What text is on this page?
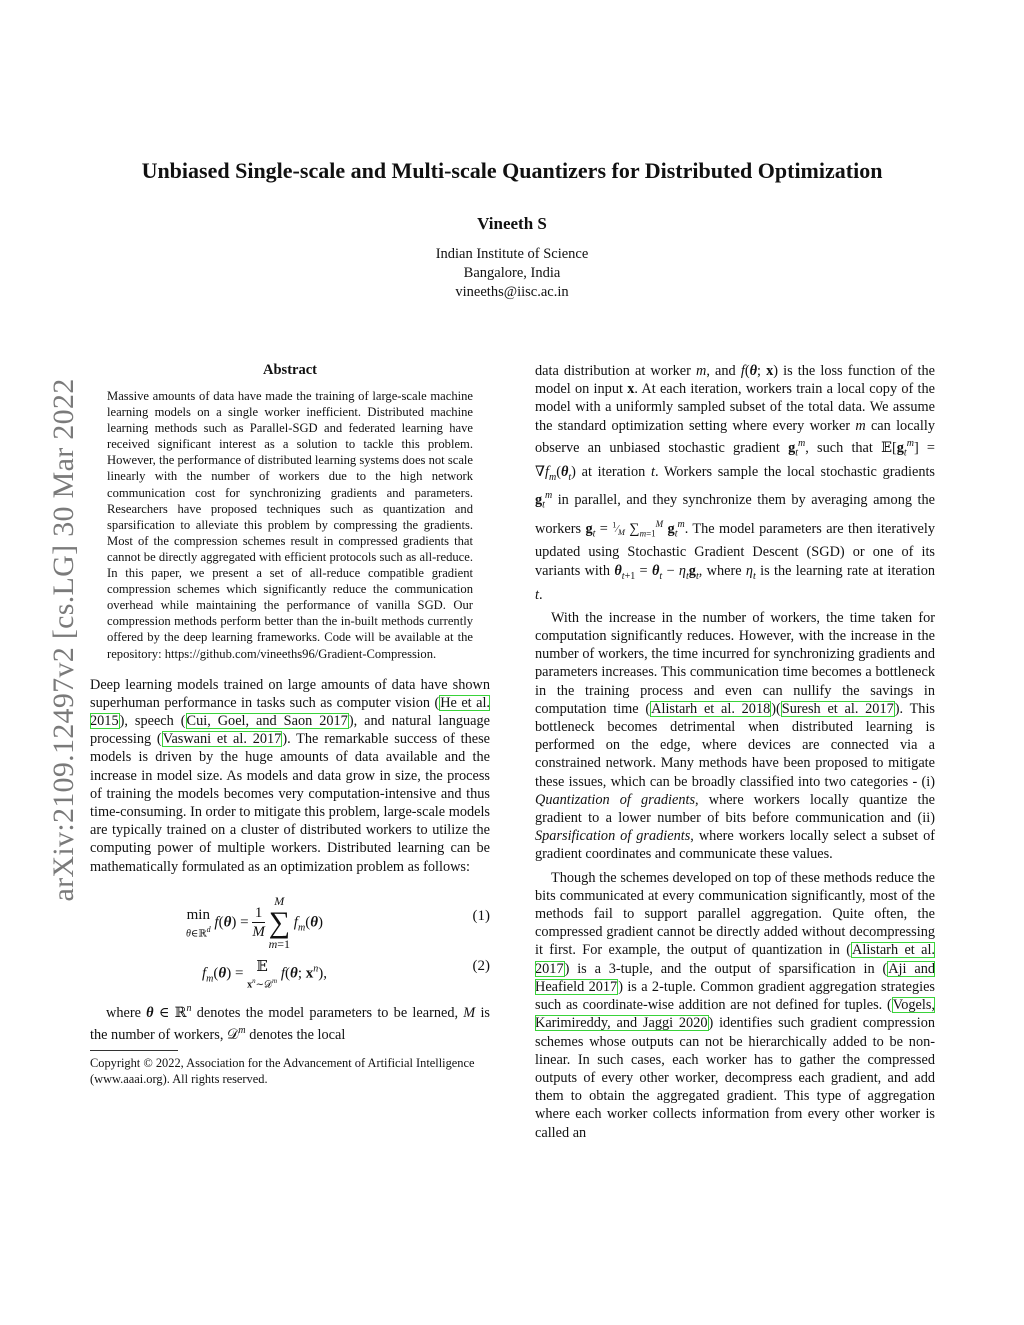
arXiv:2109.12497v2 [cs.LG] 30 Mar 2022
Unbiased Single-scale and Multi-scale Quantizers for Distributed Optimization
Vineeth S
Indian Institute of Science
Bangalore, India
vineeths@iisc.ac.in
Abstract

Massive amounts of data have made the training of large-scale machine learning models on a single worker inefficient. Distributed machine learning methods such as Parallel-SGD and federated learning have received significant interest as a solution to tackle this problem. However, the performance of distributed learning systems does not scale linearly with the number of workers due to the high network communication cost for synchronizing gradients and parameters. Researchers have proposed techniques such as quantization and sparsification to alleviate this problem by compressing the gradients. Most of the compression schemes result in compressed gradients that cannot be directly aggregated with efficient protocols such as all-reduce. In this paper, we present a set of all-reduce compatible gradient compression schemes which significantly reduce the communication overhead while maintaining the performance of vanilla SGD. Our compression methods perform better than the in-built methods currently offered by the deep learning frameworks. Code will be available at the repository: https://github.com/vineeths96/Gradient-Compression.

Deep learning models trained on large amounts of data have shown superhuman performance in tasks such as computer vision (He et al. 2015), speech (Cui, Goel, and Saon 2017), and natural language processing (Vaswani et al. 2017). The remarkable success of these models is driven by the huge amounts of data available and the increase in model size. As models and data grow in size, the process of training the models becomes very computation-intensive and thus time-consuming. In order to mitigate this problem, large-scale models are typically trained on a cluster of distributed workers to utilize the computing power of multiple workers. Distributed learning can be mathematically formulated as an optimization problem as follows:

min
θ∈ℝ$^d$ $f(\theta) = \frac{1}{M}$

M
∑
m=1
$f_m(\theta)$	(1)
$f_m(\theta)$ = 𝔼
$x^n\sim 𝒟^m$ f(θ; $x^n$),	(2)

where θ ∈ ℝ$^n$ denotes the model parameters to be learned, M is the number of workers, 𝒟$^m$ denotes the local

Copyright © 2022, Association for the Advancement of Artificial Intelligence (www.aaai.org). All rights reserved.

data distribution at worker m, and f(θ; x) is the loss function of the model on input x. At each iteration, workers train a local copy of the model with a uniformly sampled subset of the total data. We assume the standard optimization setting where every worker m can locally observe an unbiased stochastic gradient $g_t^m$, such that $𝔼[g_t^m] = \nabla f_m(\theta_t)$ at iteration t. Workers sample the local stochastic gradients $g_t^m$ in parallel, and they synchronize them by averaging among the workers $g_t$ = $^1⁄_M$ $\sum_{m=1}^M$ $g_t^m$. The model parameters are then iteratively updated using Stochastic Gradient Descent (SGD) or one of its variants with $\theta_{t+1} = \theta_t - \eta_tg_t$, where $\eta_t$ is the learning rate at iteration t.

With the increase in the number of workers, the time taken for computation significantly reduces. However, with the increase in the number of workers, the time incurred for synchronizing gradients and parameters increases. This communication time becomes a bottleneck in the training process and even can nullify the savings in computation time (Alistarh et al. 2018)(Suresh et al. 2017). This bottleneck becomes detrimental when distributed learning is performed on the edge, where devices are connected via a constrained network. Many methods have been proposed to mitigate these issues, which can be broadly classified into two categories - (i) Quantization of gradients, where workers locally quantize the gradient to a lower number of bits before communication and (ii) Sparsification of gradients, where workers locally select a subset of gradient coordinates and communicate these values.

Though the schemes developed on top of these methods reduce the bits communicated at every communication significantly, most of the methods fail to support parallel aggregation. Quite often, the compressed gradient cannot be directly added without decompressing it first. For example, the output of quantization in (Alistarh et al. 2017) is a 3-tuple, and the output of sparsification in (Aji and Heafield 2017) is a 2-tuple. Common gradient aggregation strategies such as coordinate-wise addition are not defined for tuples. (Vogels, Karimireddy, and Jaggi 2020) identifies such gradient compression schemes whose outputs can not be hierarchically added to be non-linear. In such cases, each worker has to gather the compressed outputs of every other worker, decompress each gradient, and add them to obtain the aggregated gradient. This type of aggregation where each worker collects information from every other worker is called an
